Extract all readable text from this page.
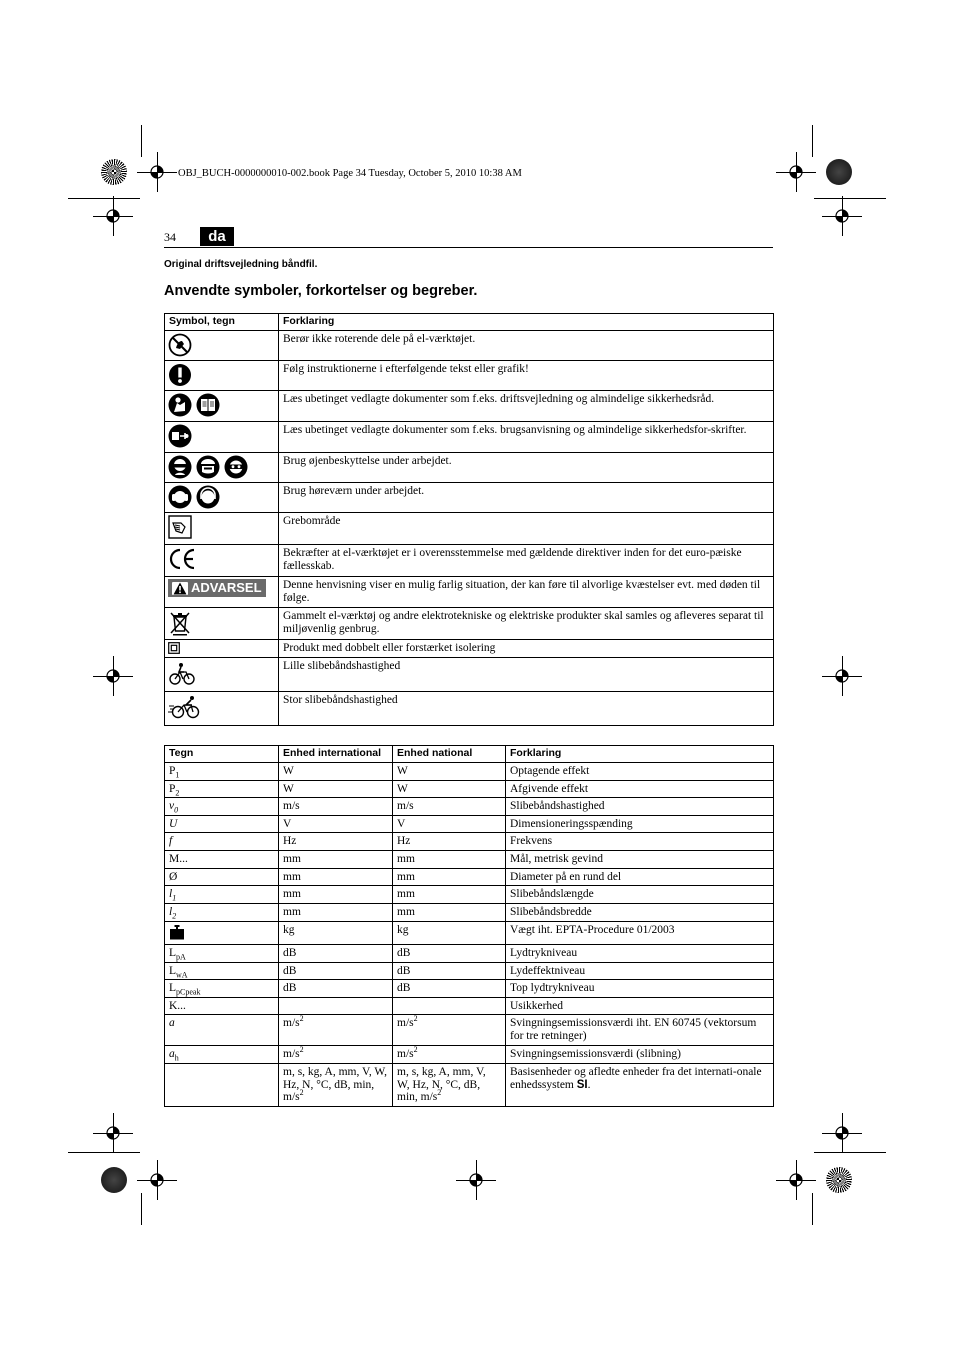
OBJ_BUCH-0000000010-002.book Page 34 Tuesday, October 5, 2010 10:38 AM
34	da
Original driftsvejledning båndfil.
Anvendte symboler, forkortelser og begreber.
Symbol, tegn	Forklaring

	Berør ikke roterende dele på el-værktøjet.

	Følg instruktionerne i efterfølgende tekst eller grafik!

	Læs ubetinget vedlagte dokumenter som f.eks. driftsvejledning og almindelige sikkerhedsråd.

	Læs ubetinget vedlagte dokumenter som f.eks. brugsanvisning og almindelige sikkerhedsfor-skrifter.

	Brug øjenbeskyttelse under arbejdet.

	Brug høreværn under arbejdet.

	Grebområde

	Bekræfter at el-værktøjet er i overensstemmelse med gældende direktiver inden for det euro-pæiske fællesskab.

ADVARSEL	Denne henvisning viser en mulig farlig situation, der kan føre til alvorlige kvæstelser evt. med døden til følge.

	Gammelt el-værktøj og andre elektrotekniske og elektriske produkter skal samles og afleveres separat til miljøvenlig genbrug.

	Produkt med dobbelt eller forstærket isolering

	Lille slibebåndshastighed

	Stor slibebåndshastighed
Tegn	Enhed international	Enhed national	Forklaring
$P_1$	W	W	Optagende effekt
$P_2$	W	W	Afgivende effekt
$v_0$	m/s	m/s	Slibebåndshastighed
U	V	V	Dimensioneringsspænding
f	Hz	Hz	Frekvens
M...	mm	mm	Mål, metrisk gevind
Ø	mm	mm	Diameter på en rund del
$l_1$	mm	mm	Slibebåndslængde
$l_2$	mm	mm	Slibebåndsbredde

	kg	kg	Vægt iht. EPTA-Procedure 01/2003
$L_{pA}$	dB	dB	Lydtrykniveau
$L_{wA}$	dB	dB	Lydeffektniveau
$L_{pCpeak}$	dB	dB	Top lydtrykniveau
K...			Usikkerhed
a	$m/s^2$	$m/s^2$	Svingningsemissionsværdi iht. EN 60745 (vektorsum for tre retninger)
$a_h$	$m/s^2$	$m/s^2$	Svingningsemissionsværdi (slibning)
	m, s, kg, A, mm, V, W, Hz, N, °C, dB, min, $m/s^2$	m, s, kg, A, mm, V, W, Hz, N, °C, dB, min, $m/s^2$	Basisenheder og afledte enheder fra det internati-onale enhedssystem SI.
